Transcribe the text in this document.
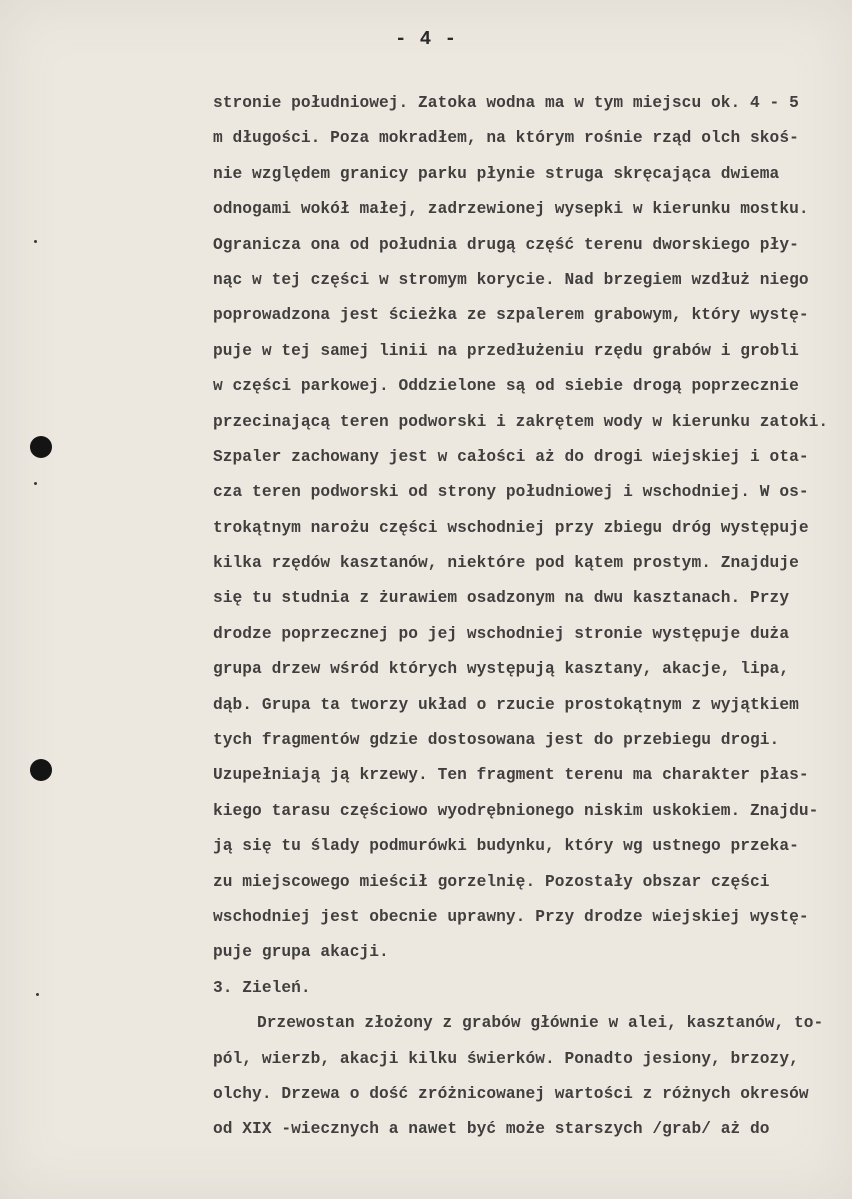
- 4 -
stronie południowej. Zatoka wodna ma w tym miejscu ok. 4 - 5
m długości. Poza mokradłem, na którym rośnie rząd olch skoś-
nie względem granicy parku płynie struga skręcająca dwiema
odnogami wokół małej, zadrzewionej wysepki w kierunku mostku.
Ogranicza ona od południa drugą część terenu dworskiego pły-
nąc w tej części w stromym korycie. Nad brzegiem wzdłuż niego
poprowadzona jest ścieżka ze szpalerem grabowym, który wystę-
puje w tej samej linii na przedłużeniu rzędu grabów i grobli
w części parkowej. Oddzielone są od siebie drogą poprzecznie
przecinającą teren podworski i zakrętem wody w kierunku zatoki.
Szpaler zachowany jest w całości aż do drogi wiejskiej i ota-
cza teren podworski od strony południowej i wschodniej. W os-
trokątnym narożu części wschodniej przy zbiegu dróg występuje
kilka rzędów kasztanów, niektóre pod kątem prostym. Znajduje
się tu studnia z żurawiem osadzonym na dwu kasztanach. Przy
drodze poprzecznej po jej wschodniej stronie występuje duża
grupa drzew wśród których występują kasztany, akacje, lipa,
dąb. Grupa ta tworzy układ o rzucie prostokątnym z wyjątkiem
tych fragmentów gdzie dostosowana jest do przebiegu drogi.
Uzupełniają ją krzewy. Ten fragment terenu ma charakter płas-
kiego tarasu częściowo wyodrębnionego niskim uskokiem. Znajdu-
ją się tu ślady podmurówki budynku, który wg ustnego przeka-
zu miejscowego mieścił gorzelnię. Pozostały obszar części
wschodniej jest obecnie uprawny. Przy drodze wiejskiej wystę-
puje grupa akacji.
3. Zieleń.
Drzewostan złożony z grabów głównie w alei, kasztanów, to-
pól, wierzb, akacji kilku świerków. Ponadto jesiony, brzozy,
olchy. Drzewa o dość zróżnicowanej wartości z różnych okresów
od XIX -wiecznych a nawet być może starszych /grab/ aż do
